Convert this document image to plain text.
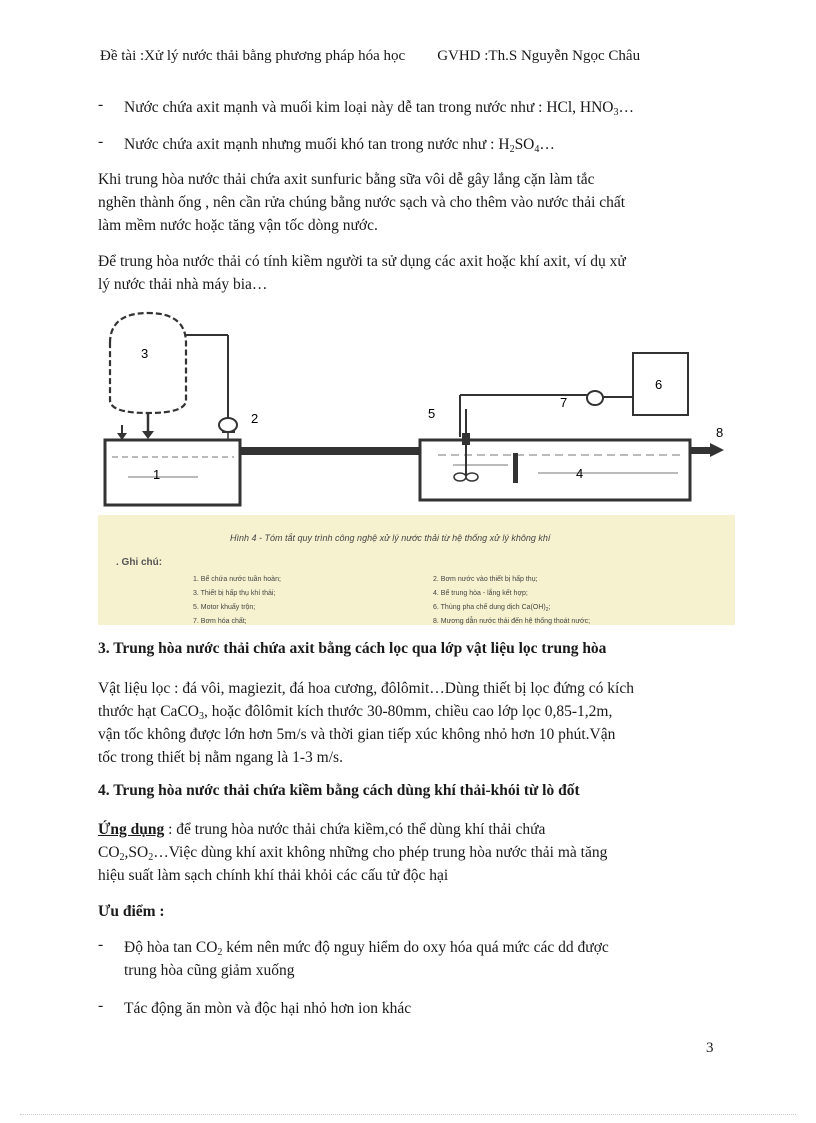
Đề tài :Xử lý nước thải bằng phương pháp hóa học GVHD :Th.S Nguyễn Ngọc Châu
- Nước chứa axit mạnh và muối kim loại này dễ tan trong nước như : HCl, $HNO_3\dots$
- Nước chứa axit mạnh nhưng muối khó tan trong nước như : $H_2SO_4\dots$
Khi trung hòa nước thải chứa axit sunfuric bằng sữa vôi dễ gây lắng cặn làm tắc
nghẽn thành ống , nên cần rửa chúng bằng nước sạch và cho thêm vào nước thải chất
làm mềm nước hoặc tăng vận tốc dòng nước.
Để trung hòa nước thải có tính kiềm người ta sử dụng các axit hoặc khí axit, ví dụ xử
lý nước thải nhà máy bia…
3
2
1	4
5
7
6
8
Hình 4 - Tóm tắt quy trình công nghệ xử lý nước thải từ hệ thống xử lý không khí
. Ghi chú:
1. Bể chứa nước tuần hoàn;	2. Bơm nước vào thiết bị hấp thụ;
3. Thiết bị hấp thụ khí thải;	4. Bể trung hòa - lắng kết hợp;
5. Motor khuấy trộn;	6. Thùng pha chế dung dịch $Ca(OH)_2$;
7. Bơm hóa chất;	8. Mương dẫn nước thải đến hệ thống thoát nước;
3. Trung hòa nước thải chứa axit bằng cách lọc qua lớp vật liệu lọc trung hòa
Vật liệu lọc : đá vôi, magiezit, đá hoa cương, đôlômit…Dùng thiết bị lọc đứng có kích
thước hạt CaCO$_3$, hoặc đôlômit kích thước 30-80mm, chiều cao lớp lọc 0,85-1,2m,
vận tốc không được lớn hơn 5m/s và thời gian tiếp xúc không nhỏ hơn 10 phút.Vận
tốc trong thiết bị nằm ngang là 1-3 m/s.
4. Trung hòa nước thải chứa kiềm bằng cách dùng khí thải-khói từ lò đốt
Ứng dụng : để trung hòa nước thải chứa kiềm,có thể dùng khí thải chứa
$CO_2,SO_2\dots Việc$ dùng khí axit không những cho phép trung hòa nước thải mà tăng
hiệu suất làm sạch chính khí thải khỏi các cấu tử độc hại
Ưu điểm :
- Độ hòa $\tan CO_2$ kém nên mức độ nguy hiểm do oxy hóa quá mức các dd được
trung hòa cũng giảm xuống
- Tác động ăn mòn và độc hại nhỏ hơn ion khác
3
